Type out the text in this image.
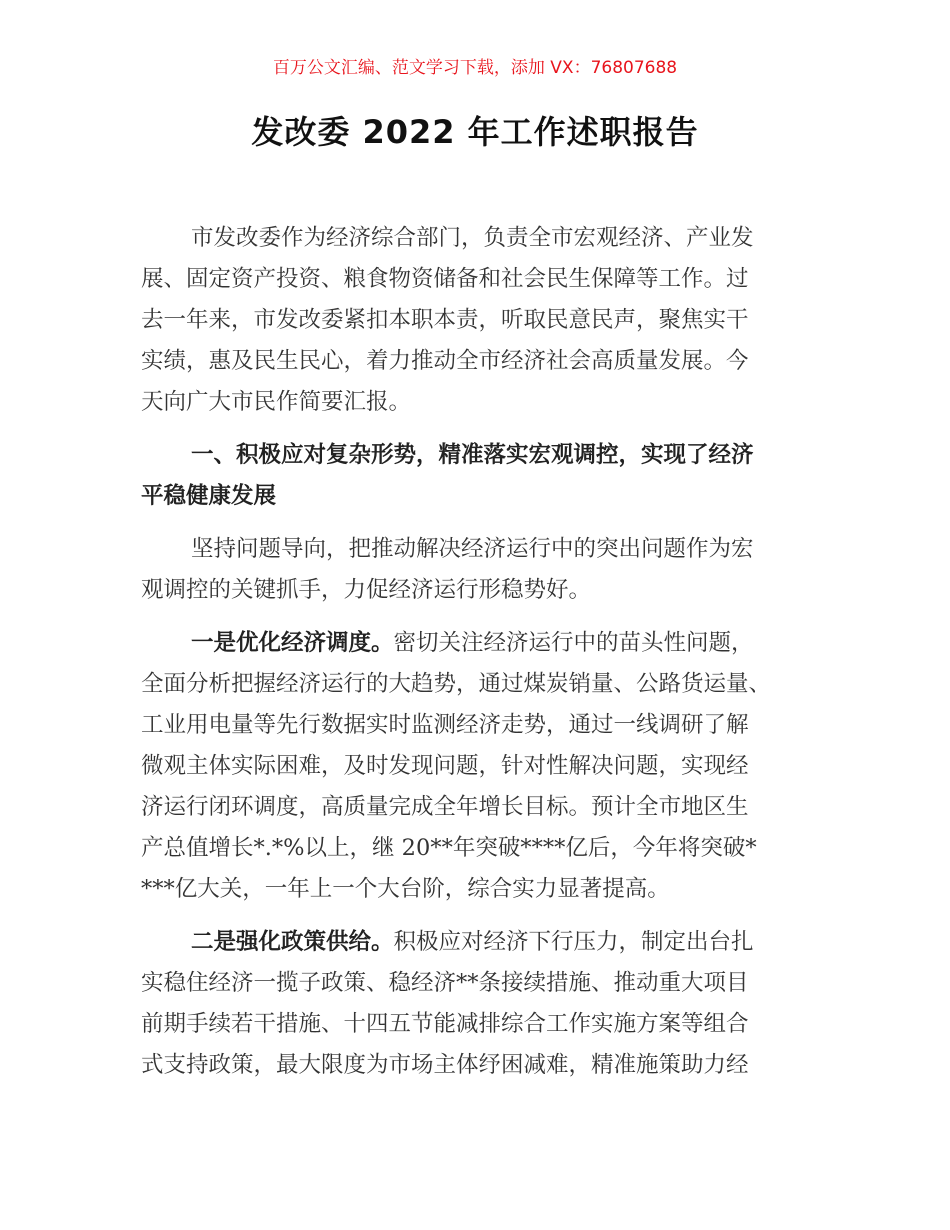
百万公文汇编、范文学习下载，添加 VX：76807688
发改委 2022 年工作述职报告

市发改委作为经济综合部门，负责全市宏观经济、产业发
展、固定资产投资、粮食物资储备和社会民生保障等工作。过
去一年来，市发改委紧扣本职本责，听取民意民声，聚焦实干
实绩，惠及民生民心，着力推动全市经济社会高质量发展。今
天向广大市民作简要汇报。

一、积极应对复杂形势，精准落实宏观调控，实现了经济
平稳健康发展

坚持问题导向，把推动解决经济运行中的突出问题作为宏
观调控的关键抓手，力促经济运行形稳势好。

一是优化经济调度。密切关注经济运行中的苗头性问题，
全面分析把握经济运行的大趋势，通过煤炭销量、公路货运量、
工业用电量等先行数据实时监测经济走势，通过一线调研了解
微观主体实际困难，及时发现问题，针对性解决问题，实现经
济运行闭环调度，高质量完成全年增长目标。预计全市地区生
产总值增长*.*%以上，继 20**年突破****亿后，今年将突破*
***亿大关，一年上一个大台阶，综合实力显著提高。

二是强化政策供给。积极应对经济下行压力，制定出台扎
实稳住经济一揽子政策、稳经济**条接续措施、推动重大项目
前期手续若干措施、十四五节能减排综合工作实施方案等组合
式支持政策，最大限度为市场主体纾困减难，精准施策助力经
